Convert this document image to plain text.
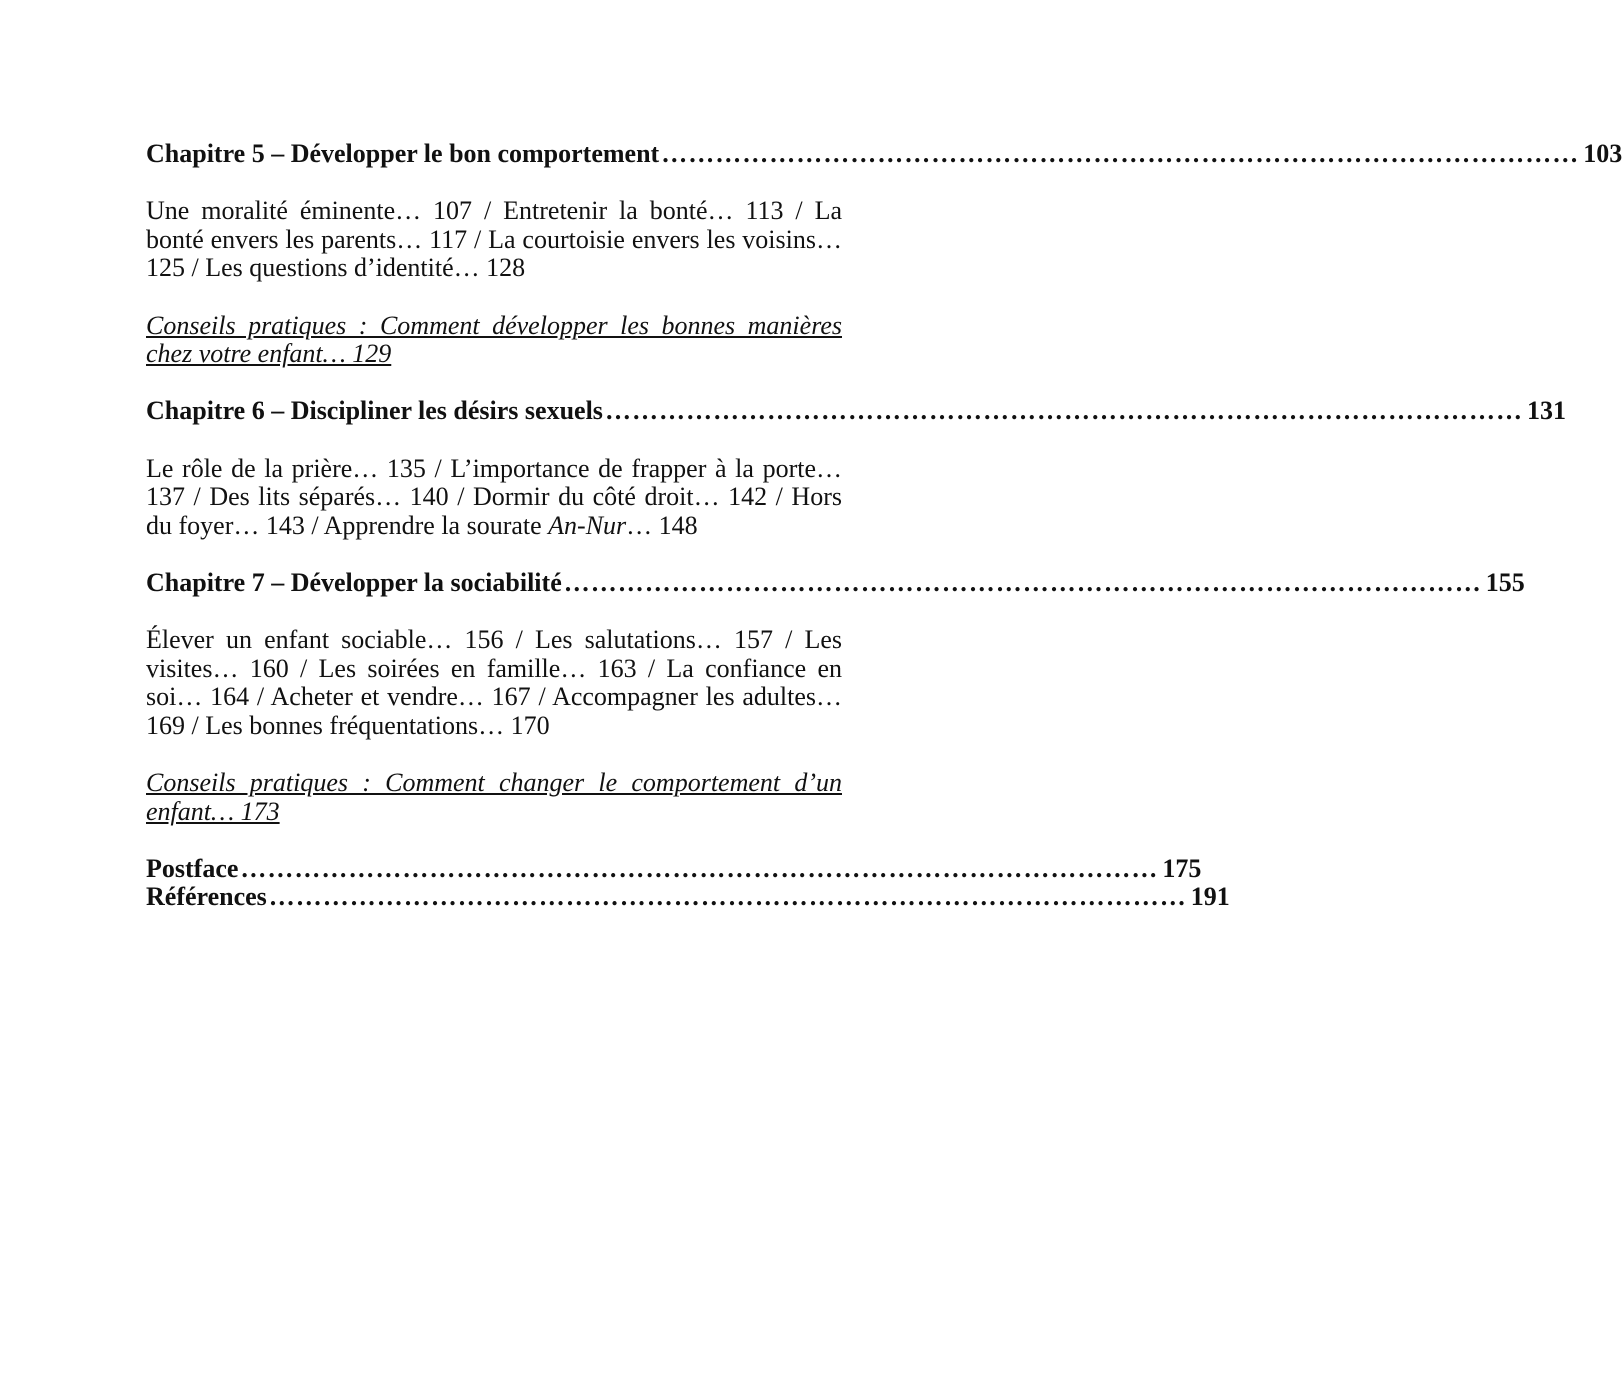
Chapitre 5 – Développer le bon comportement ………………………………………………………………………………………… 103

Une moralité éminente… 107 / Entretenir la bonté… 113 / La bonté envers les parents… 117 / La courtoisie envers les voisins… 125 / Les questions d’identité… 128

Conseils pratiques : Comment développer les bonnes manières chez votre enfant… 129

Chapitre 6 – Discipliner les désirs sexuels ………………………………………………………………………………………… 131

Le rôle de la prière… 135 / L’importance de frapper à la porte… 137 / Des lits séparés… 140 / Dormir du côté droit… 142 / Hors du foyer… 143 / Apprendre la sourate An-Nur… 148

Chapitre 7 – Développer la sociabilité ………………………………………………………………………………………… 155

Élever un enfant sociable… 156 / Les salutations… 157 / Les visites… 160 / Les soirées en famille… 163 / La confiance en soi… 164 / Acheter et vendre… 167 / Accompagner les adultes… 169 / Les bonnes fréquentations… 170

Conseils pratiques : Comment changer le comportement d’un enfant… 173

Postface ………………………………………………………………………………………… 175
Références ………………………………………………………………………………………… 191
